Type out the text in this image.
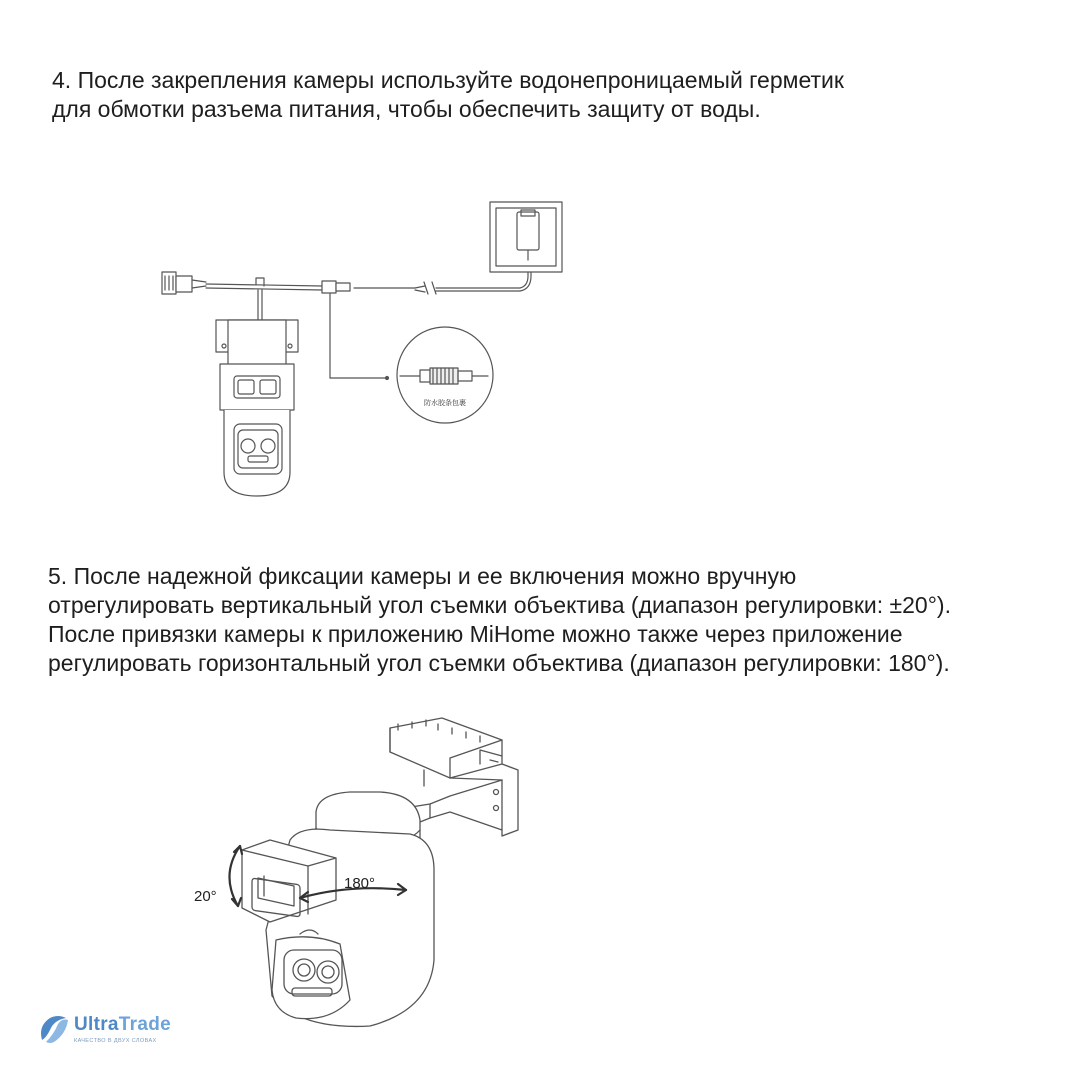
4. После закрепления камеры используйте водонепроницаемый герметик
для обмотки разъема питания, чтобы обеспечить защиту от воды.
防水胶条包裹
5. После надежной фиксации камеры и ее включения можно вручную
отрегулировать вертикальный угол съемки объектива (диапазон регулировки: ±20°).
После привязки камеры к приложению MiHome можно также через приложение
регулировать горизонтальный угол съемки объектива (диапазон регулировки: 180°).
20°
180°
UltraTrade
КАЧЕСТВО В ДВУХ СЛОВАХ
